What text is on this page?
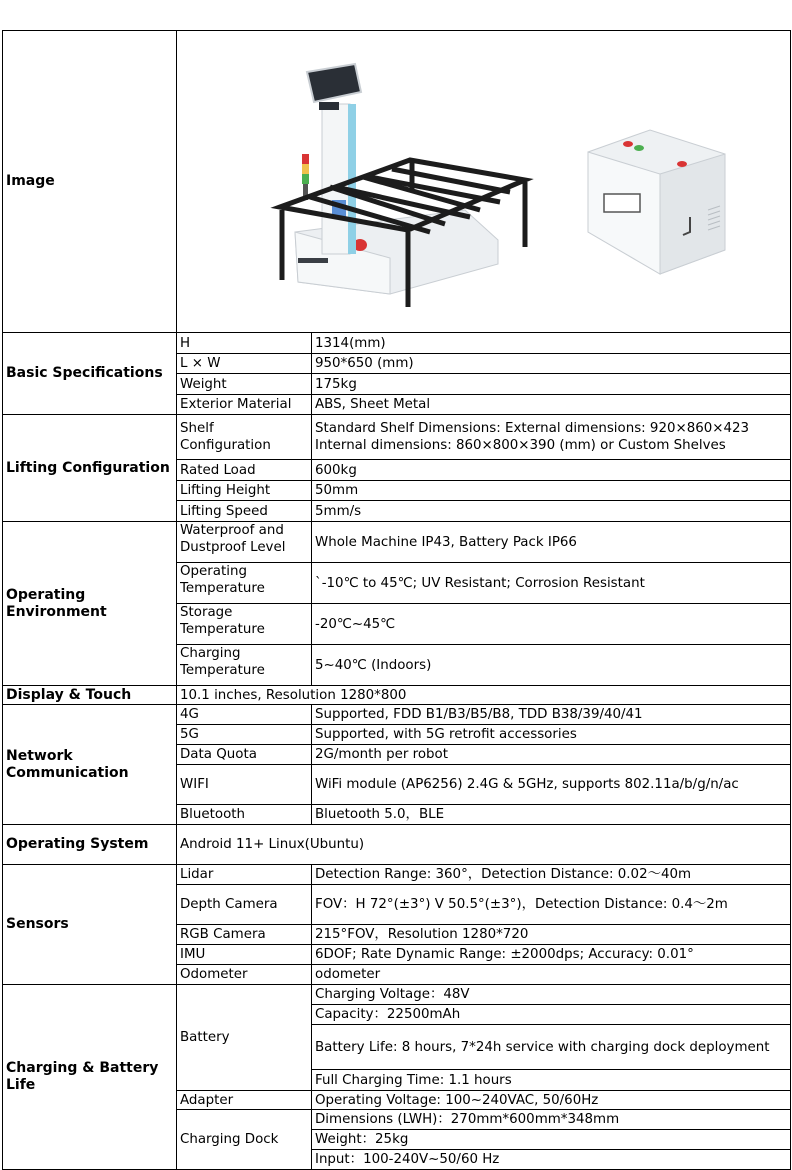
Image	

Basic Specifications	H	1314(mm)
	L × W	950*650 (mm)
	Weight	175kg
	Exterior Material	ABS, Sheet Metal
Lifting Configuration	Shelf Configuration	Standard Shelf Dimensions: External dimensions: 920×860×423 Internal dimensions: 860×800×390 (mm) or Custom Shelves
	Rated Load	600kg
	Lifting Height	50mm
	Lifting Speed	5mm/s
Operating Environment	Waterproof and Dustproof Level	Whole Machine IP43, Battery Pack IP66

	Operating Temperature	`-10℃ to 45℃; UV Resistant; Corrosion Resistant

	Storage Temperature	-20℃~45℃

	Charging Temperature	5~40℃ (Indoors)
Display & Touch	10.1 inches, Resolution 1280*800	
Network Communication	4G	Supported, FDD B1/B3/B5/B8, TDD B38/39/40/41
	5G	Supported, with 5G retrofit accessories
	Data Quota	2G/month per robot
	WIFI	WiFi module (AP6256) 2.4G & 5GHz, supports 802.11a/b/g/n/ac
	Bluetooth	Bluetooth 5.0，BLE
Operating System	Android 11+ Linux(Ubuntu)	
Sensors	Lidar	Detection Range: 360°，Detection Distance: 0.02～40m
	Depth Camera	FOV：H 72°(±3°) V 50.5°(±3°)，Detection Distance: 0.4～2m
	RGB Camera	215°FOV，Resolution 1280*720
	IMU	6DOF; Rate Dynamic Range: ±2000dps; Accuracy: 0.01°
	Odometer	odometer
Charging & Battery Life	Battery	Charging Voltage：48V
		Capacity：22500mAh
		Battery Life: 8 hours, 7*24h service with charging dock deployment
		Full Charging Time: 1.1 hours
	Adapter	Operating Voltage: 100~240VAC, 50/60Hz
	Charging Dock	Dimensions (LWH)：270mm*600mm*348mm
		Weight：25kg
		Input：100-240V~50/60 Hz
